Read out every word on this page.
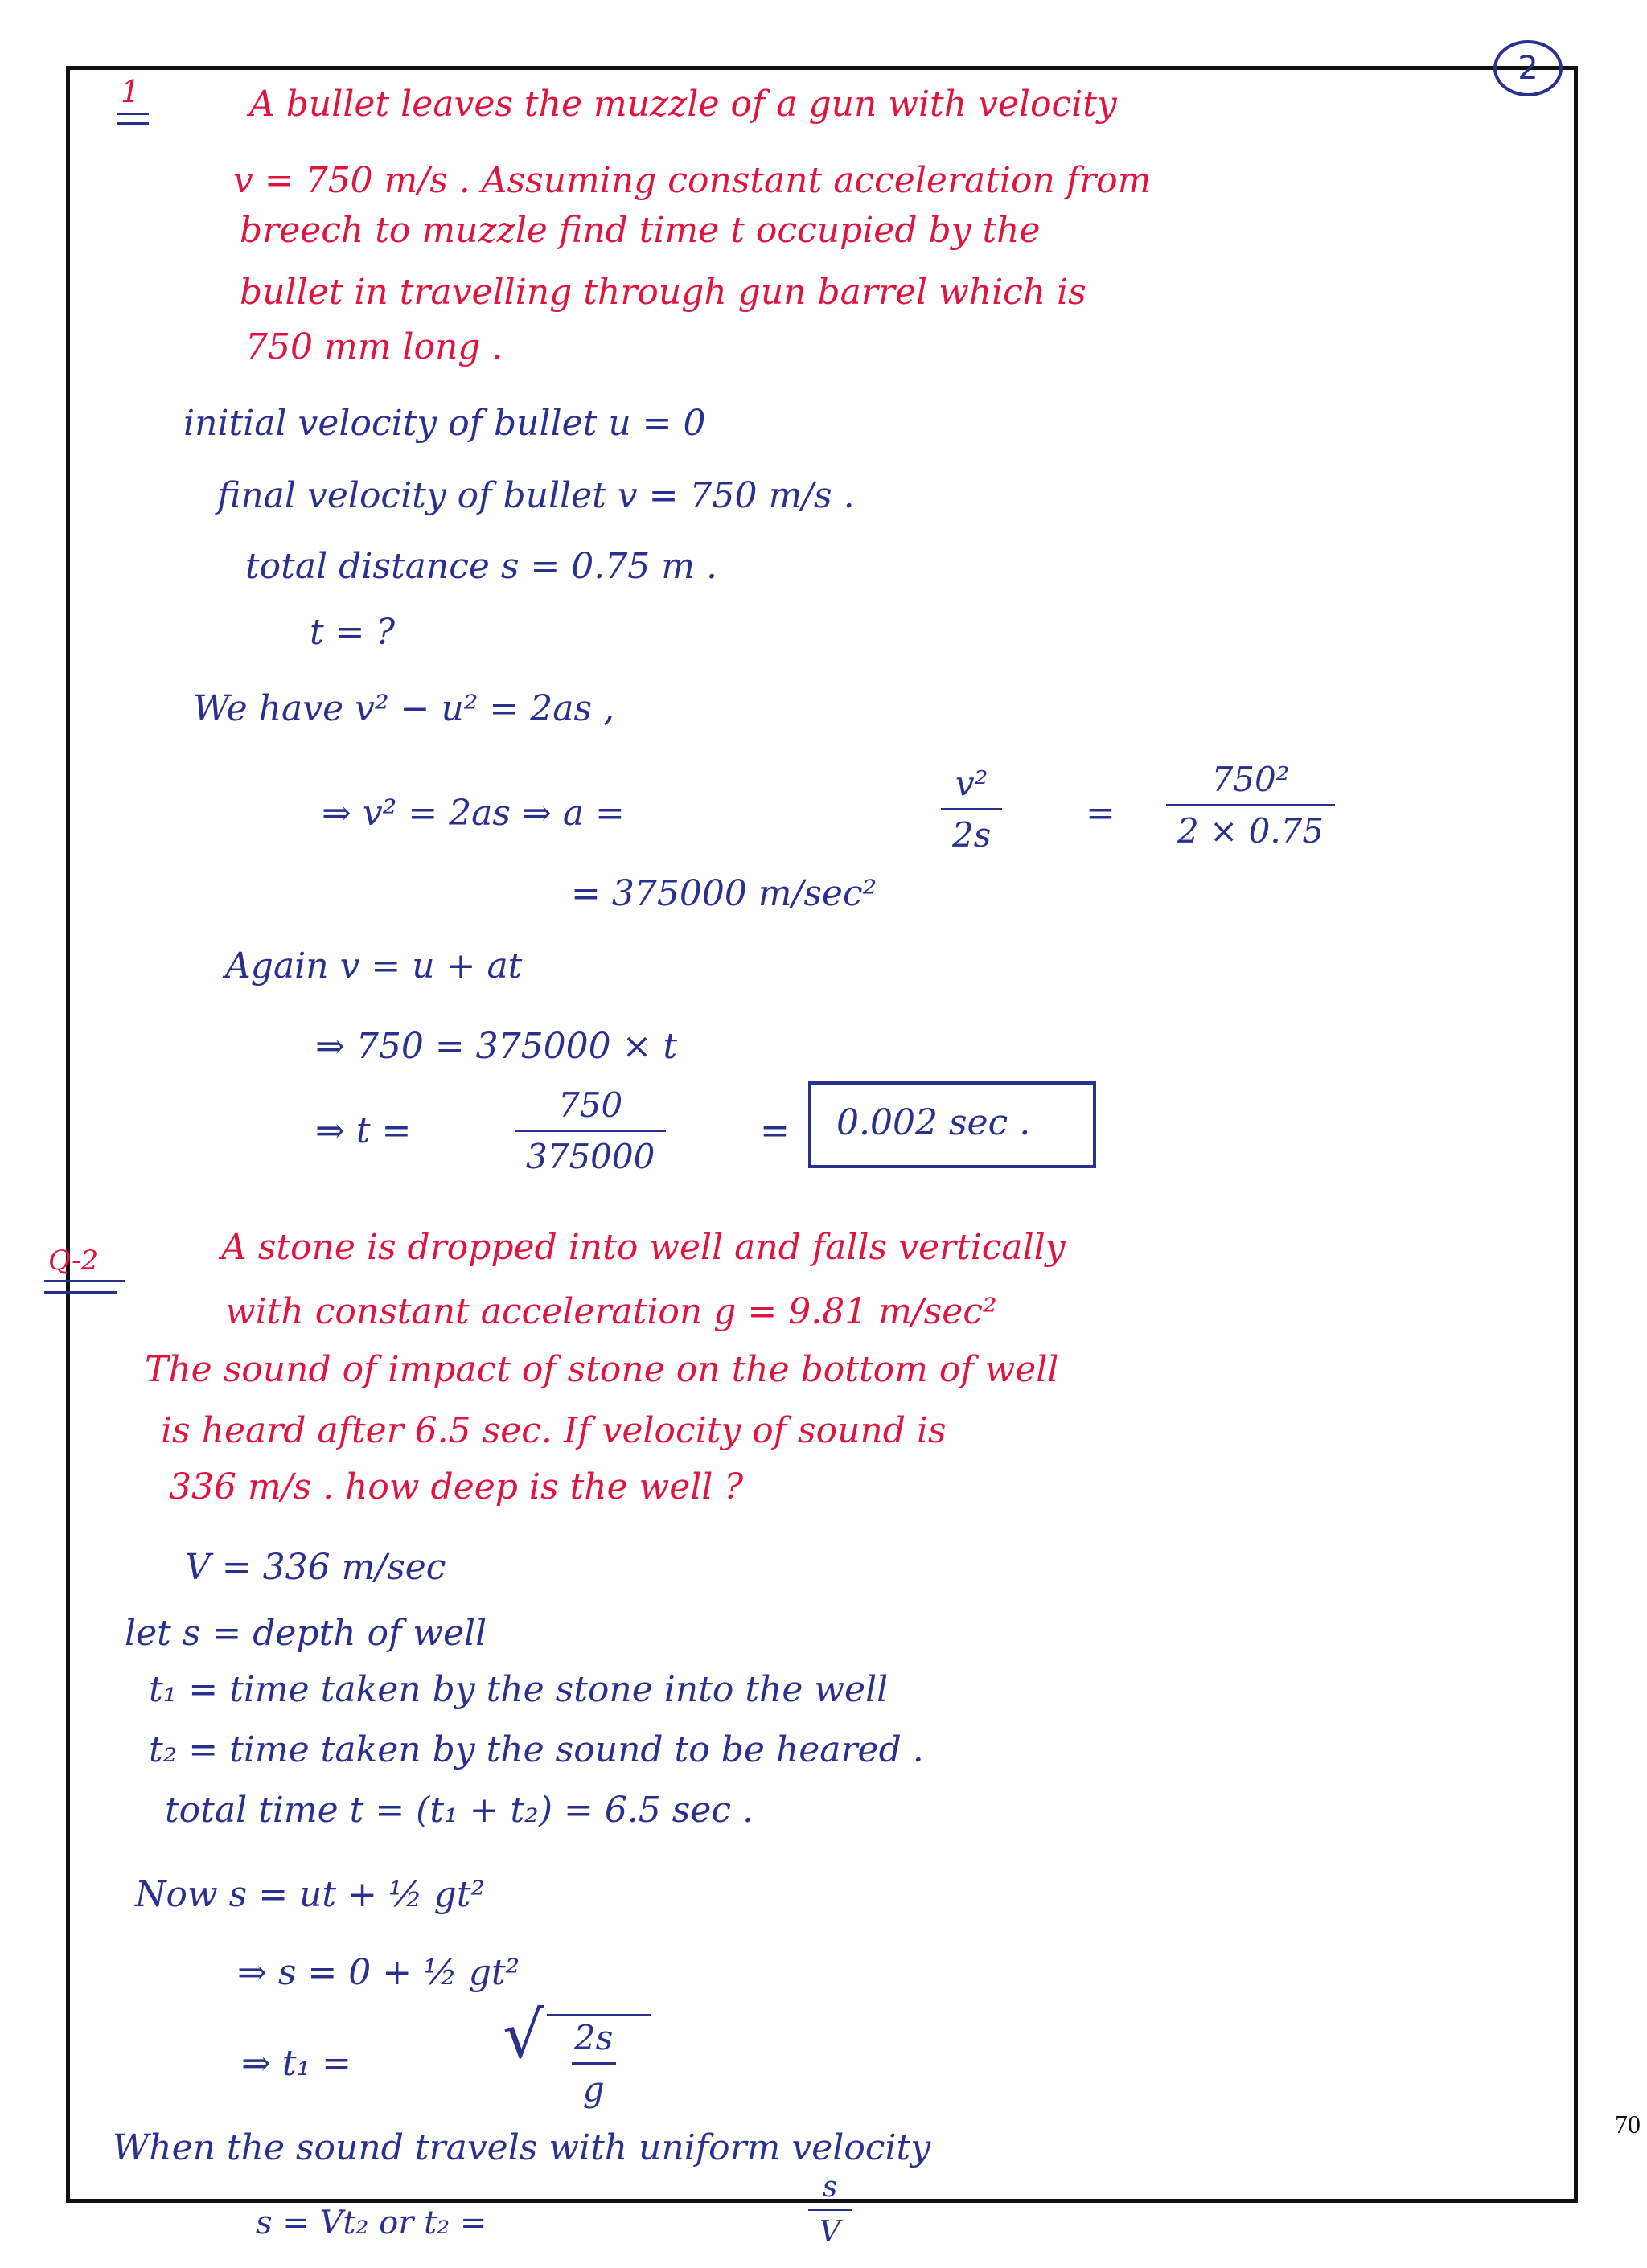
2
1	A bullet leaves the muzzle of a gun with velocity
v = 750 m/s . Assuming constant acceleration from
breech to muzzle find time t occupied by the
bullet in travelling through gun barrel which is
750 mm long .
initial velocity of bullet u = 0
final velocity of bullet v = 750 m/s .
total distance s = 0.75 m .
t = ?
We have v² − u² = 2as ,
⇒ v² = 2as ⇒ a =	$\frac{\text{v²}}{2s} = \frac{\text{750²}}{2 \times 0.75}$
= 375000 m/sec²
Again v = u + at
⇒ 750 = 375000 × t
⇒ t =	$\frac{750}{375000}$	= 0.002 sec .
Q-2	A stone is dropped into well and falls vertically
with constant acceleration g = 9.81 m/sec²
The sound of impact of stone on the bottom of well
is heard after 6.5 sec. If velocity of sound is
336 m/s . how deep is the well ?
V = 336 m/sec
let s = depth of well
t₁ = time taken by the stone into the well
t₂ = time taken by the sound to be heared .
total time t = (t₁ + t₂) = 6.5 sec .
Now s = ut + ½ gt²
⇒ s = 0 + ½ gt²
⇒ t₁ = √ $\frac{2s}{g}$
When the sound travels with uniform velocity
s = Vt₂ or t₂ =	$\frac{s}{V}$
70
